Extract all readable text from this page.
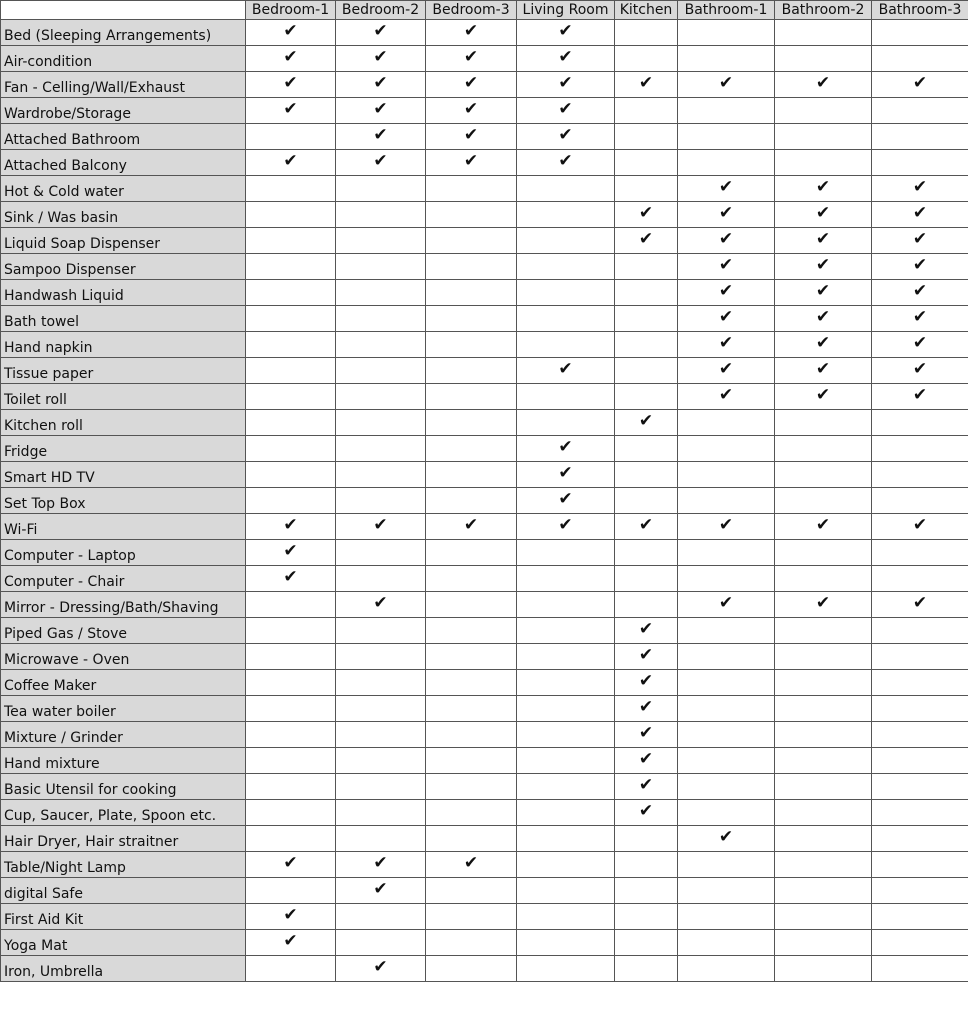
	Bedroom-1	Bedroom-2	Bedroom-3	Living Room	Kitchen	Bathroom-1	Bathroom-2	Bathroom-3
Bed (Sleeping Arrangements)	✔	✔	✔	✔				
Air-condition	✔	✔	✔	✔				
Fan - Celling/Wall/Exhaust	✔	✔	✔	✔	✔	✔	✔	✔
Wardrobe/Storage	✔	✔	✔	✔				
Attached Bathroom		✔	✔	✔				
Attached Balcony	✔	✔	✔	✔				
Hot & Cold water						✔	✔	✔
Sink / Was basin					✔	✔	✔	✔
Liquid Soap Dispenser					✔	✔	✔	✔
Sampoo Dispenser						✔	✔	✔
Handwash Liquid						✔	✔	✔
Bath towel						✔	✔	✔
Hand napkin						✔	✔	✔
Tissue paper				✔		✔	✔	✔
Toilet roll						✔	✔	✔
Kitchen roll					✔			
Fridge				✔				
Smart HD TV				✔				
Set Top Box				✔				
Wi-Fi	✔	✔	✔	✔	✔	✔	✔	✔
Computer - Laptop	✔							
Computer - Chair	✔							
Mirror - Dressing/Bath/Shaving		✔				✔	✔	✔
Piped Gas / Stove					✔			
Microwave - Oven					✔			
Coffee Maker					✔			
Tea water boiler					✔			
Mixture / Grinder					✔			
Hand mixture					✔			
Basic Utensil for cooking					✔			
Cup, Saucer, Plate, Spoon etc.					✔			
Hair Dryer, Hair straitner						✔		
Table/Night Lamp	✔	✔	✔					
digital Safe		✔						
First Aid Kit	✔							
Yoga Mat	✔							
Iron, Umbrella		✔						
